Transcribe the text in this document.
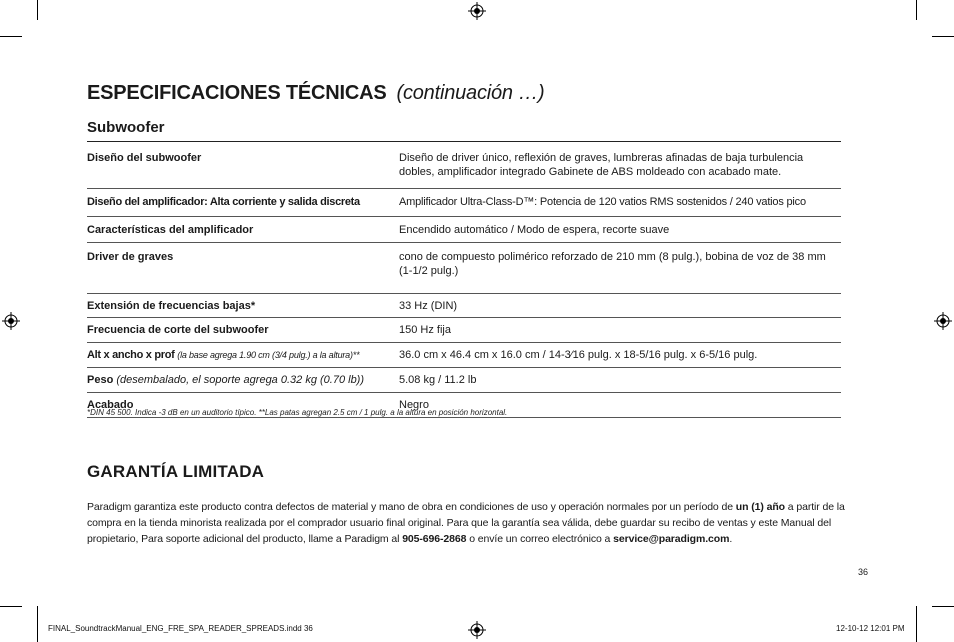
ESPECIFICACIONES TÉCNICAS (continuación …)
Subwoofer
Diseño del subwoofer	Diseño de driver único, reflexión de graves, lumbreras afinadas de baja turbulencia dobles, amplificador integrado Gabinete de ABS moldeado con acabado mate.
Diseño del amplificador: Alta corriente y salida discreta	Amplificador Ultra-Class-D™: Potencia de 120 vatios RMS sostenidos / 240 vatios pico
Características del amplificador	Encendido automático / Modo de espera, recorte suave
Driver de graves	cono de compuesto polimérico reforzado de 210 mm (8 pulg.), bobina de voz de 38 mm (1-1/2 pulg.)
Extensión de frecuencias bajas*	33 Hz (DIN)
Frecuencia de corte del subwoofer	150 Hz fija
Alt x ancho x prof (la base agrega 1.90 cm (3/4 pulg.) a la altura)**	36.0 cm x 46.4 cm x 16.0 cm / 14-3⁄16 pulg. x 18-5/16 pulg. x 6-5/16 pulg.
Peso (desembalado, el soporte agrega 0.32 kg (0.70 lb))	5.08 kg / 11.2 lb
Acabado	Negro
*DIN 45 500. Indica -3 dB en un auditorio típico. **Las patas agregan 2.5 cm / 1 pulg. a la altura en posición horizontal.
GARANTÍA LIMITADA

Paradigm garantiza este producto contra defectos de material y mano de obra en condiciones de uso y operación normales por un período de un (1) año a partir de la compra en la tienda minorista realizada por el comprador usuario final original. Para que la garantía sea válida, debe guardar su recibo de ventas y este Manual del propietario, Para soporte adicional del producto, llame a Paradigm al 905-696-2868 o envíe un correo electrónico a service@paradigm.com.

36
FINAL_SoundtrackManual_ENG_FRE_SPA_READER_SPREADS.indd 36	12-10-12 12:01 PM
